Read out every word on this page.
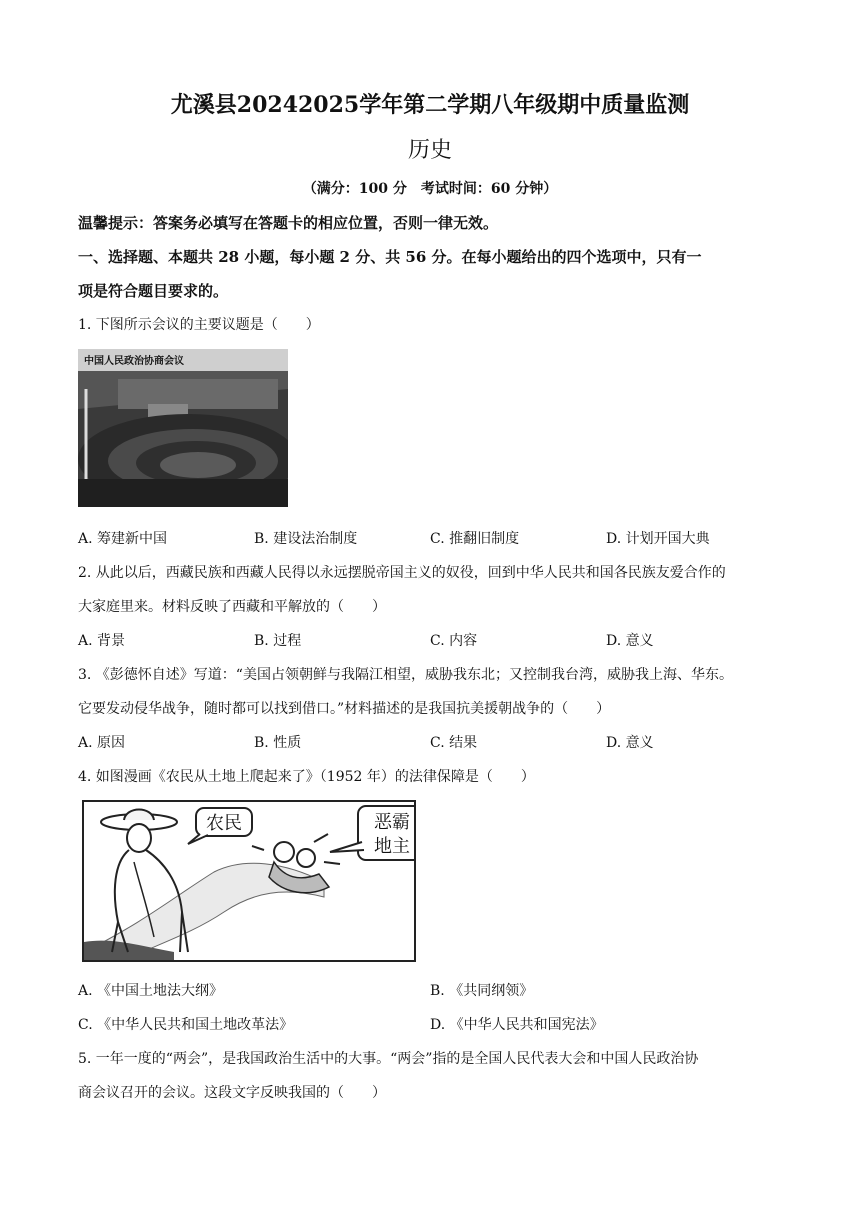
尤溪县20242025学年第二学期八年级期中质量监测
历史
（满分：100 分　考试时间：60 分钟）
温馨提示：答案务必填写在答题卡的相应位置，否则一律无效。
一、选择题、本题共 28 小题，每小题 2 分、共 56 分。在每小题给出的四个选项中，只有一
项是符合题目要求的。
1. 下图所示会议的主要议题是（　　）
中国人民政治协商会议
A. 筹建新中国	B. 建设法治制度	C. 推翻旧制度	D. 计划开国大典
2. 从此以后，西藏民族和西藏人民得以永远摆脱帝国主义的奴役，回到中华人民共和国各民族友爱合作的
大家庭里来。材料反映了西藏和平解放的（　　）
A. 背景	B. 过程	C. 内容	D. 意义
3. 《彭德怀自述》写道：“美国占领朝鲜与我隔江相望，威胁我东北；又控制我台湾，威胁我上海、华东。
它要发动侵华战争，随时都可以找到借口。”材料描述的是我国抗美援朝战争的（　　）
A. 原因	B. 性质	C. 结果	D. 意义
4. 如图漫画《农民从土地上爬起来了》（1952 年）的法律保障是（　　）
农民	恶霸
地主
A. 《中国土地法大纲》	B. 《共同纲领》
C. 《中华人民共和国土地改革法》	D. 《中华人民共和国宪法》
5. 一年一度的“两会”，是我国政治生活中的大事。“两会”指的是全国人民代表大会和中国人民政治协
商会议召开的会议。这段文字反映我国的（　　）
